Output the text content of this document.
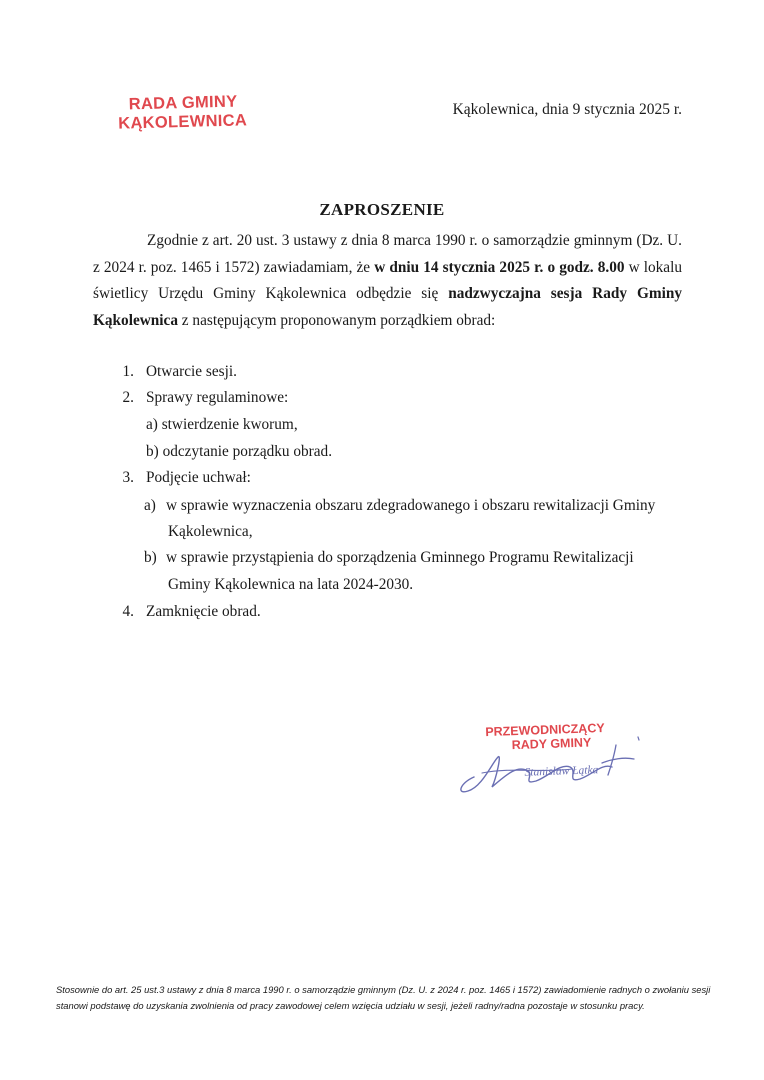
RADA GMINY
KĄKOLEWNICA
Kąkolewnica, dnia 9 stycznia 2025 r.
ZAPROSZENIE

Zgodnie z art. 20 ust. 3 ustawy z dnia 8 marca 1990 r. o samorządzie gminnym (Dz. U. z 2024 r. poz. 1465 i 1572) zawiadamiam, że w dniu 14 stycznia 2025 r. o godz. 8.00 w lokalu świetlicy Urzędu Gminy Kąkolewnica odbędzie się nadzwyczajna sesja Rady Gminy Kąkolewnica z następującym proponowanym porządkiem obrad:

1. Otwarcie sesji.
2. Sprawy regulaminowe:
a) stwierdzenie kworum,
b) odczytanie porządku obrad.
3. Podjęcie uchwał:
a) w sprawie wyznaczenia obszaru zdegradowanego i obszaru rewitalizacji Gminy
Kąkolewnica,
b) w sprawie przystąpienia do sporządzenia Gminnego Programu Rewitalizacji
Gminy Kąkolewnica na lata 2024-2030.
4. Zamknięcie obrad.
PRZEWODNICZĄCY
RADY GMINY
Stanisław Łątka
Stosownie do art. 25 ust.3 ustawy z dnia 8 marca 1990 r. o samorządzie gminnym (Dz. U. z 2024 r. poz. 1465 i 1572) zawiadomienie radnych o zwołaniu sesji stanowi podstawę do uzyskania zwolnienia od pracy zawodowej celem wzięcia udziału w sesji, jeżeli radny/radna pozostaje w stosunku pracy.
